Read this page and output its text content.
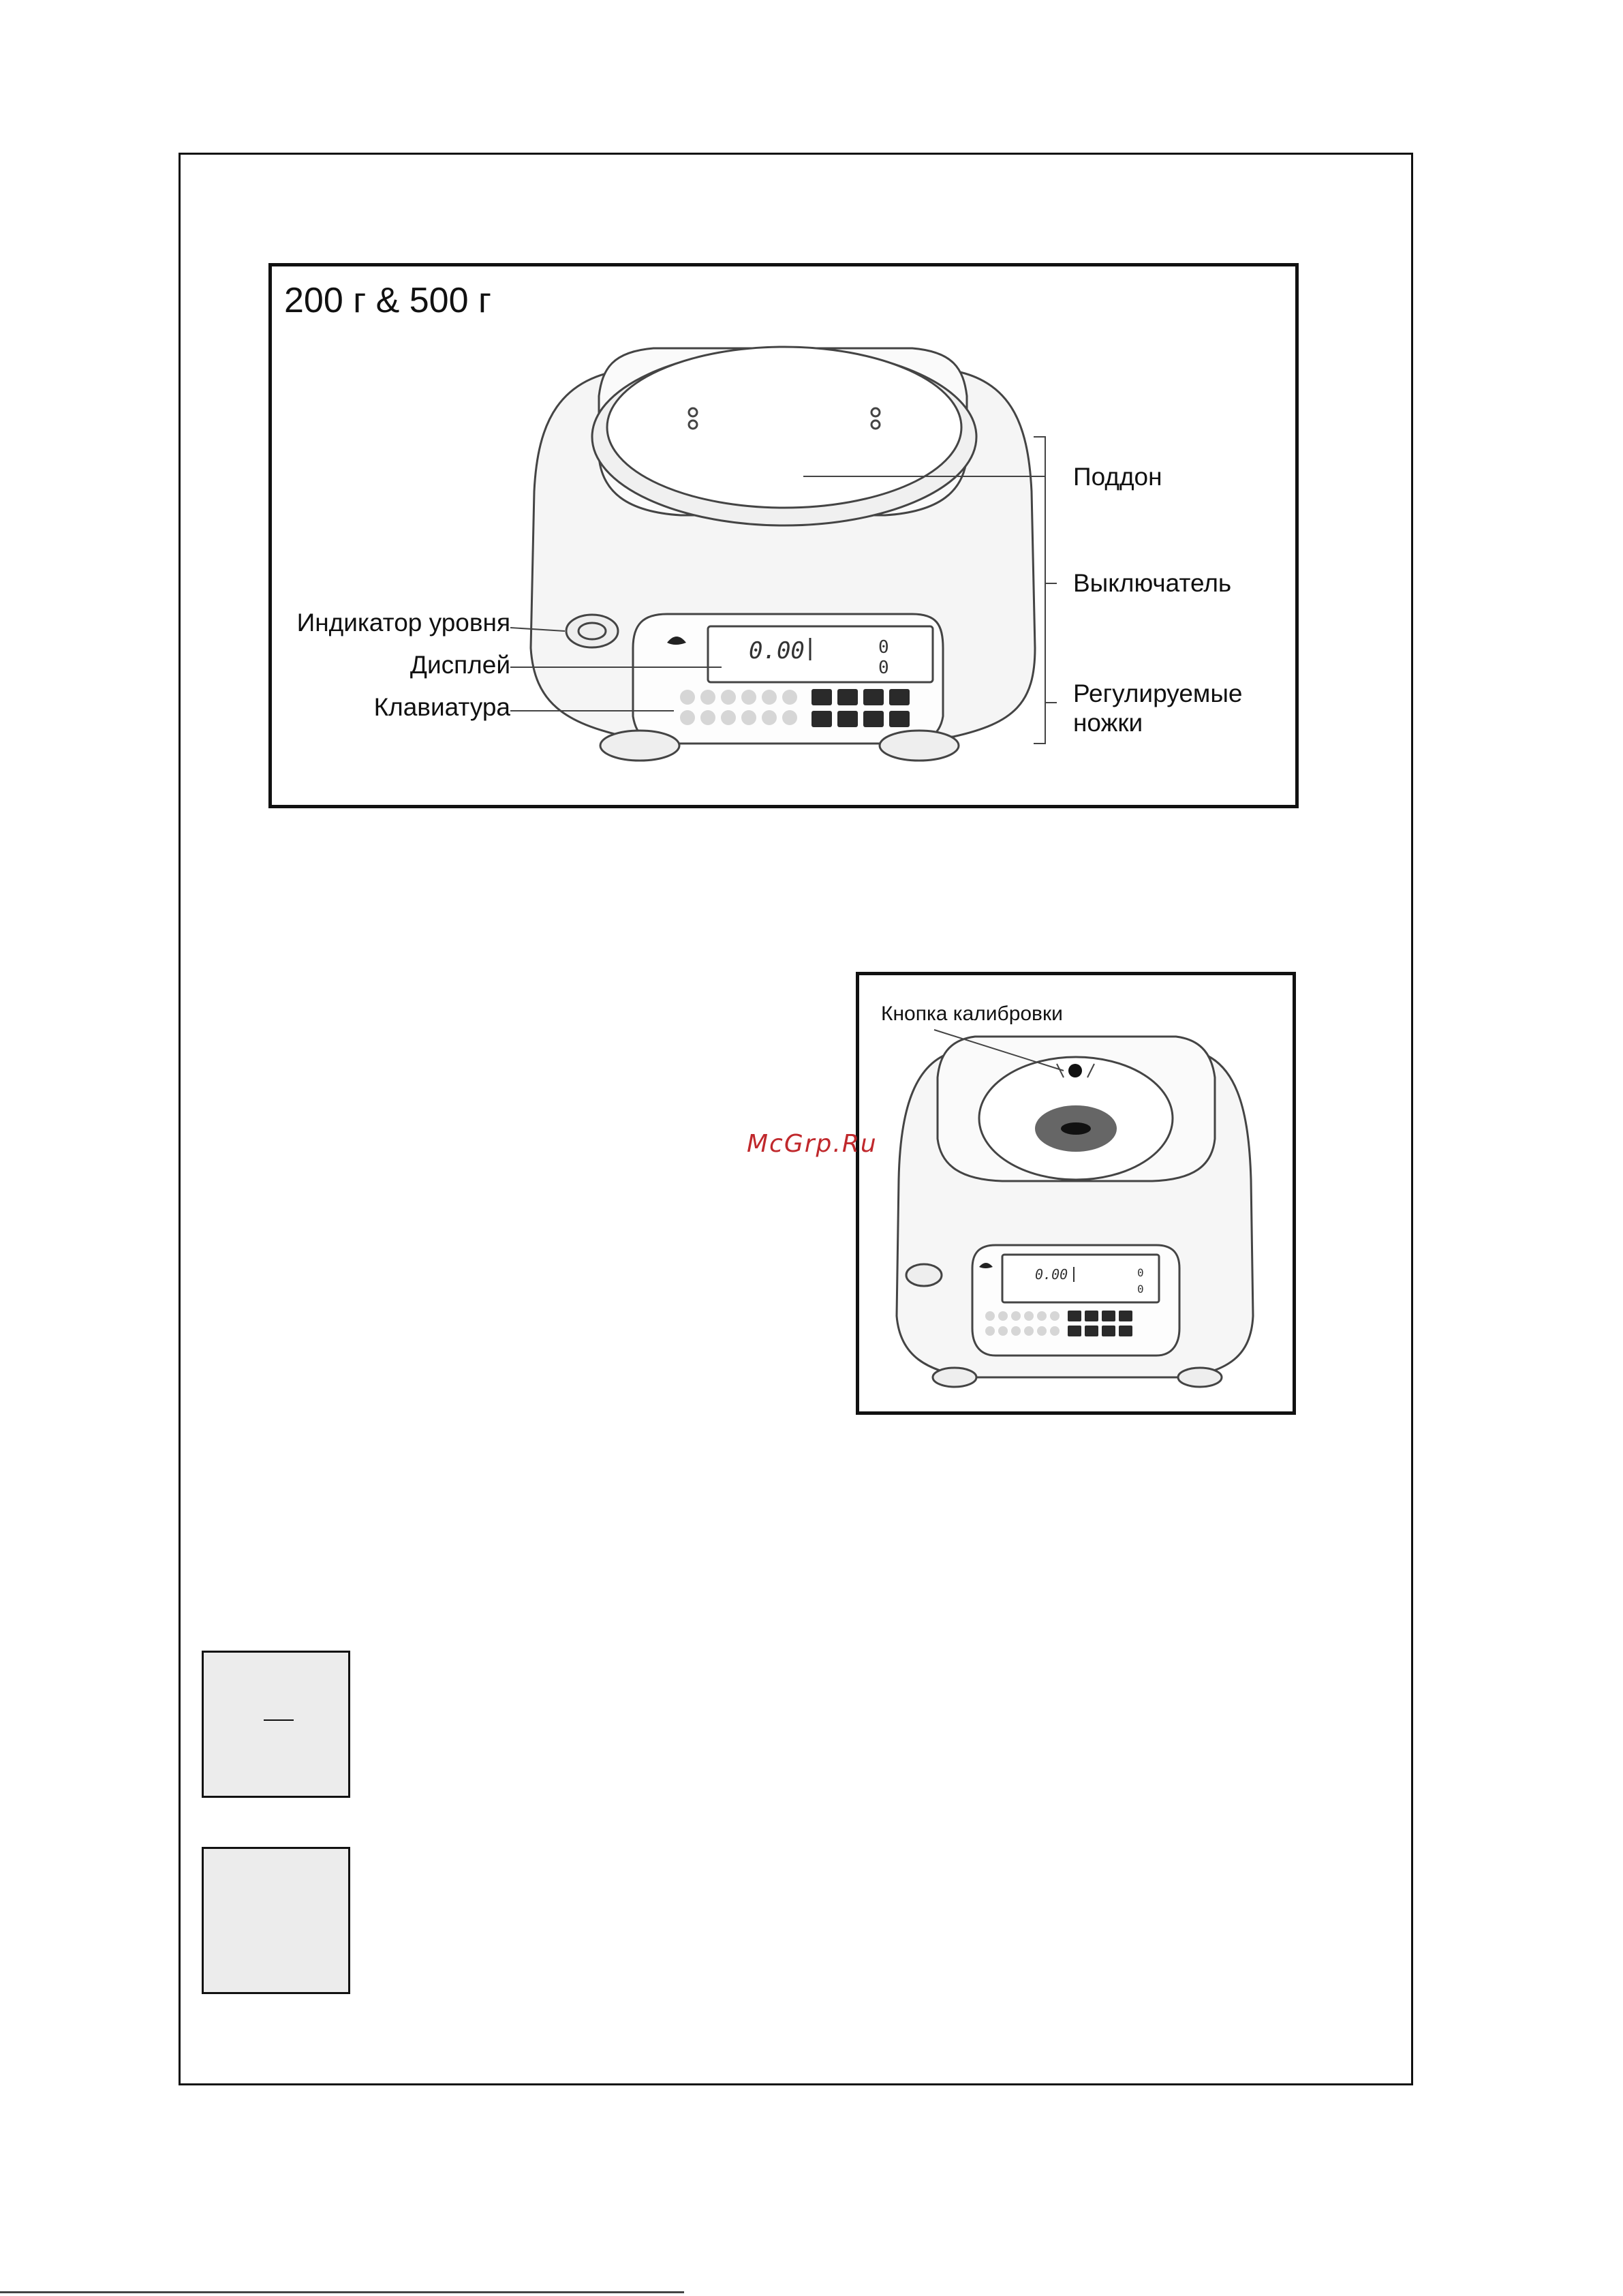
0.00	0
0
200 г & 500 г
Поддон
Выключатель
Индикатор уровня
Дисплей
Клавиатура	Регулируемые
ножки
0.00	0
0
Кнопка калибровки
McGrp.Ru
